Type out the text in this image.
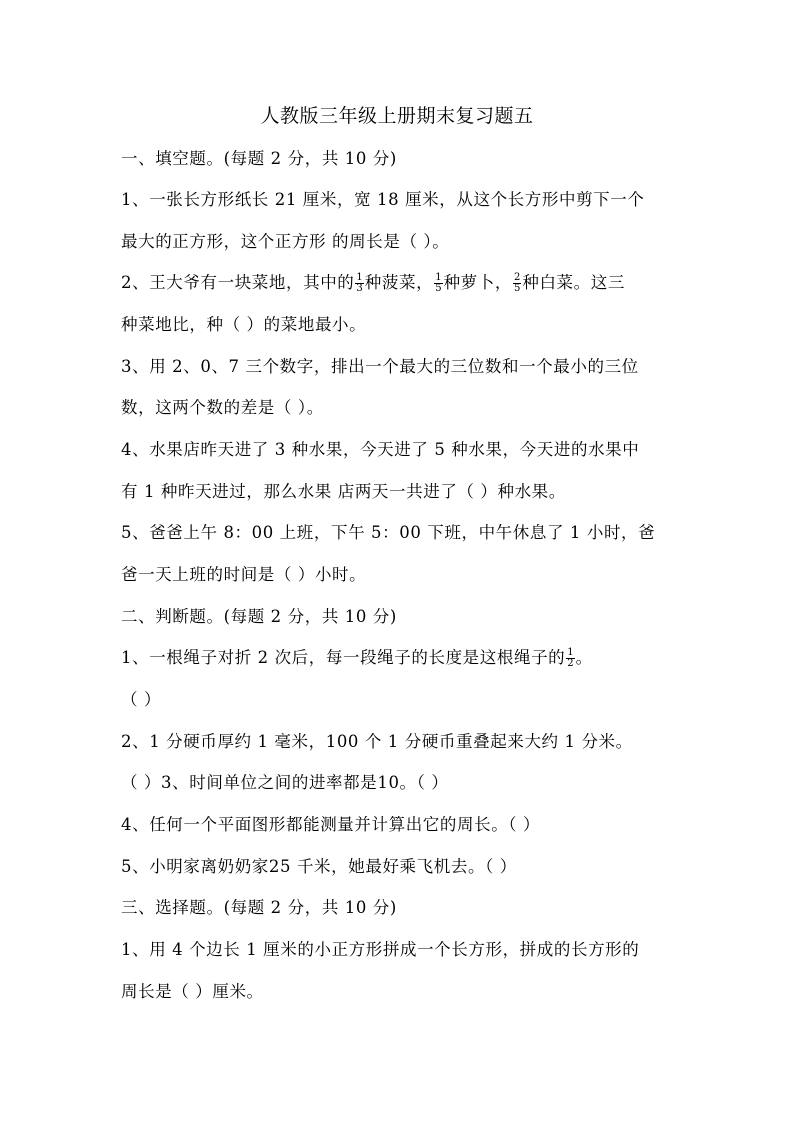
人教版三年级上册期末复习题五
一、填空题。(每题 2 分，共 10 分)
1、一张长方形纸长 21 厘米，宽 18 厘米，从这个长方形中剪下一个
最大的正方形，这个正方形 的周长是（ ）。
2、王大爷有一块菜地，其中的 $\frac{1}{3}$ 种菠菜， $\frac{1}{5}$ 种萝卜， $\frac{2}{5}$ 种白菜。这三
种菜地比，种（ ）的菜地最小。
3、用 2、0、7 三个数字，排出一个最大的三位数和一个最小的三位
数，这两个数的差是（ ）。
4、水果店昨天进了 3 种水果，今天进了 5 种水果，今天进的水果中
有 1 种昨天进过，那么水果 店两天一共进了（ ）种水果。
5、爸爸上午 8：00 上班，下午 5：00 下班，中午休息了 1 小时，爸
爸一天上班的时间是（ ）小时。
二、判断题。(每题 2 分，共 10 分)
1、一根绳子对折 2 次后，每一段绳子的长度是这根绳子的 $\frac{1}{2}$ 。
（ ）
2、1 分硬币厚约 1 毫米，100 个 1 分硬币重叠起来大约 1 分米。
（ ）3、时间单位之间的进率都是10。（ ）
4、任何一个平面图形都能测量并计算出它的周长。（ ）
5、小明家离奶奶家25 千米，她最好乘飞机去。（ ）
三、选择题。(每题 2 分，共 10 分)
1、用 4 个边长 1 厘米的小正方形拼成一个长方形，拼成的长方形的
周长是（ ）厘米。
